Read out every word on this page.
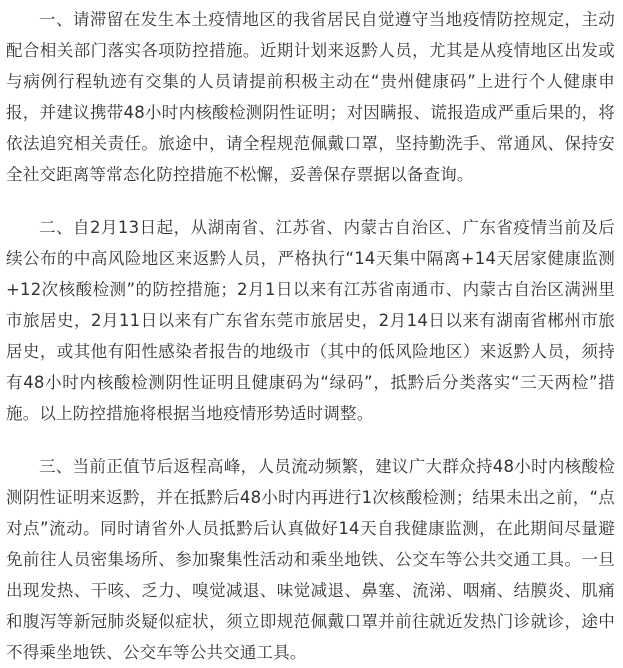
一、请滞留在发生本土疫情地区的我省居民自觉遵守当地疫情防控规定，主动配合相关部门落实各项防控措施。近期计划来返黔人员，尤其是从疫情地区出发或与病例行程轨迹有交集的人员请提前积极主动在“贵州健康码”上进行个人健康申报，并建议携带48小时内核酸检测阴性证明；对因瞒报、谎报造成严重后果的，将依法追究相关责任。旅途中，请全程规范佩戴口罩，坚持勤洗手、常通风、保持安全社交距离等常态化防控措施不松懈，妥善保存票据以备查询。

二、自2月13日起，从湖南省、江苏省、内蒙古自治区、广东省疫情当前及后续公布的中高风险地区来返黔人员，严格执行“14天集中隔离+14天居家健康监测+12次核酸检测”的防控措施；2月1日以来有江苏省南通市、内蒙古自治区满洲里市旅居史，2月11日以来有广东省东莞市旅居史，2月14日以来有湖南省郴州市旅居史，或其他有阳性感染者报告的地级市（其中的低风险地区）来返黔人员，须持有48小时内核酸检测阴性证明且健康码为“绿码”，抵黔后分类落实“三天两检”措施。以上防控措施将根据当地疫情形势适时调整。

三、当前正值节后返程高峰，人员流动频繁，建议广大群众持48小时内核酸检测阴性证明来返黔，并在抵黔后48小时内再进行1次核酸检测；结果未出之前，“点对点”流动。同时请省外人员抵黔后认真做好14天自我健康监测，在此期间尽量避免前往人员密集场所、参加聚集性活动和乘坐地铁、公交车等公共交通工具。一旦出现发热、干咳、乏力、嗅觉减退、味觉减退、鼻塞、流涕、咽痛、结膜炎、肌痛和腹泻等新冠肺炎疑似症状，须立即规范佩戴口罩并前往就近发热门诊就诊，途中不得乘坐地铁、公交车等公共交通工具。
